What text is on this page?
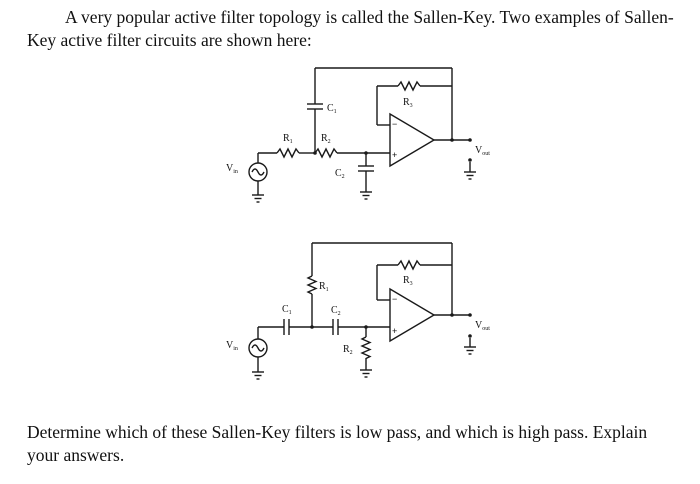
A very popular active filter topology is called the Sallen-Key. Two examples of Sallen-Key active filter circuits are shown here:

−
+
$V_{in}$
$R_1$	$R_2$
$C_1$
$C_2$
$R_3$
$V_{out}$
−
+
$V_{in}$
$C_1$
$R_1$
$C_2$
$R_2$
$R_3$
$V_{out}$

Determine which of these Sallen-Key filters is low pass, and which is high pass. Explain your answers.
